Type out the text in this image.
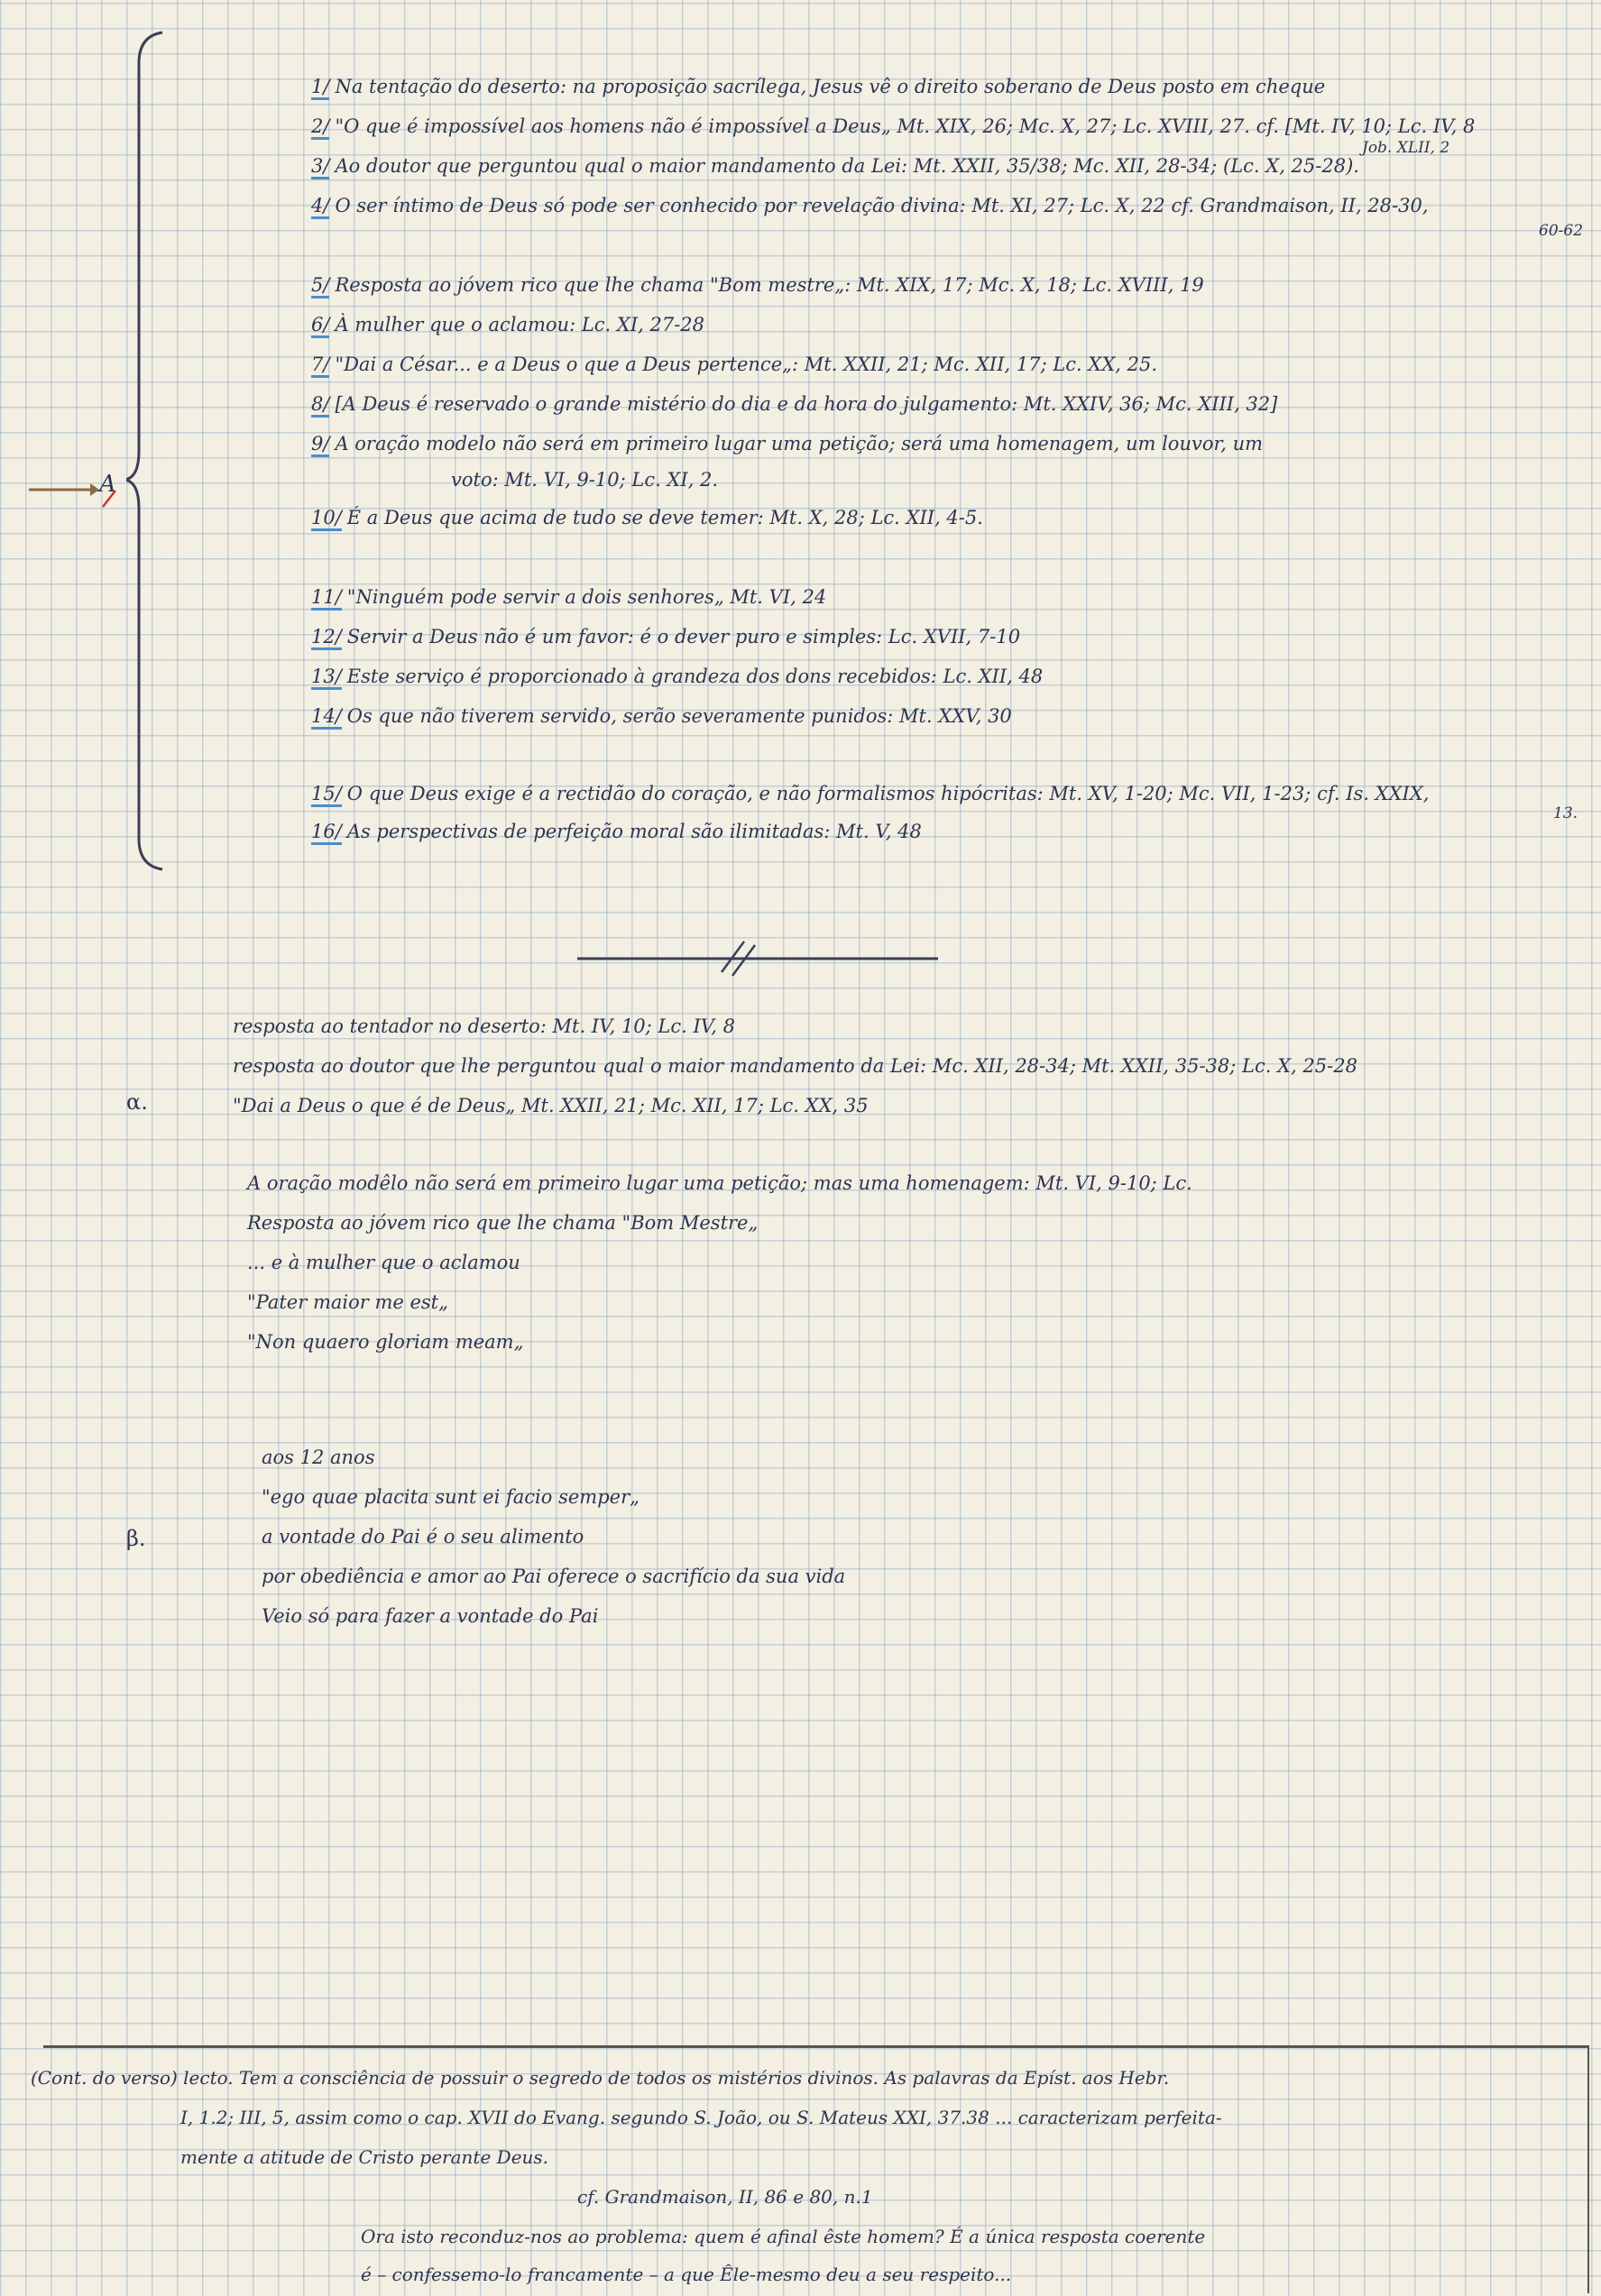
A
1/ Na tentação do deserto: na proposição sacrílega, Jesus vê o direito soberano de Deus posto em cheque
2/ "O que é impossível aos homens não é impossível a Deus„ Mt. XIX, 26; Mc. X, 27; Lc. XVIII, 27. cf. [Mt. IV, 10; Lc. IV, 8
Job. XLII, 2
3/ Ao doutor que perguntou qual o maior mandamento da Lei: Mt. XXII, 35/38; Mc. XII, 28-34; (Lc. X, 25-28).
4/ O ser íntimo de Deus só pode ser conhecido por revelação divina: Mt. XI, 27; Lc. X, 22 cf. Grandmaison, II, 28-30,
60-62
5/ Resposta ao jóvem rico que lhe chama "Bom mestre„: Mt. XIX, 17; Mc. X, 18; Lc. XVIII, 19
6/ À mulher que o aclamou: Lc. XI, 27-28
7/ "Dai a César... e a Deus o que a Deus pertence„: Mt. XXII, 21; Mc. XII, 17; Lc. XX, 25.
8/ [A Deus é reservado o grande mistério do dia e da hora do julgamento: Mt. XXIV, 36; Mc. XIII, 32]
9/ A oração modelo não será em primeiro lugar uma petição; será uma homenagem, um louvor, um
voto: Mt. VI, 9-10; Lc. XI, 2.
10/ É a Deus que acima de tudo se deve temer: Mt. X, 28; Lc. XII, 4-5.
11/ "Ninguém pode servir a dois senhores„ Mt. VI, 24
12/ Servir a Deus não é um favor: é o dever puro e simples: Lc. XVII, 7-10
13/ Este serviço é proporcionado à grandeza dos dons recebidos: Lc. XII, 48
14/ Os que não tiverem servido, serão severamente punidos: Mt. XXV, 30
15/ O que Deus exige é a rectidão do coração, e não formalismos hipócritas: Mt. XV, 1-20; Mc. VII, 1-23; cf. Is. XXIX,
13.
16/ As perspectivas de perfeição moral são ilimitadas: Mt. V, 48
α.
resposta ao tentador no deserto: Mt. IV, 10; Lc. IV, 8
resposta ao doutor que lhe perguntou qual o maior mandamento da Lei: Mc. XII, 28-34; Mt. XXII, 35-38; Lc. X, 25-28
"Dai a Deus o que é de Deus„ Mt. XXII, 21; Mc. XII, 17; Lc. XX, 35
A oração modêlo não será em primeiro lugar uma petição; mas uma homenagem: Mt. VI, 9-10; Lc.
Resposta ao jóvem rico que lhe chama "Bom Mestre„
... e à mulher que o aclamou
"Pater maior me est„
"Non quaero gloriam meam„
β.
aos 12 anos
"ego quae placita sunt ei facio semper„
a vontade do Pai é o seu alimento
por obediência e amor ao Pai oferece o sacrifício da sua vida
Veio só para fazer a vontade do Pai
(Cont. do verso) lecto. Tem a consciência de possuir o segredo de todos os mistérios divinos. As palavras da Epíst. aos Hebr.
I, 1.2; III, 5, assim como o cap. XVII do Evang. segundo S. João, ou S. Mateus XXI, 37.38 ... caracterizam perfeita-
mente a atitude de Cristo perante Deus.
cf. Grandmaison, II, 86 e 80, n.1
Ora isto reconduz-nos ao problema: quem é afinal êste homem? É a única resposta coerente
é – confessemo-lo francamente – a que Êle-mesmo deu a seu respeito...
